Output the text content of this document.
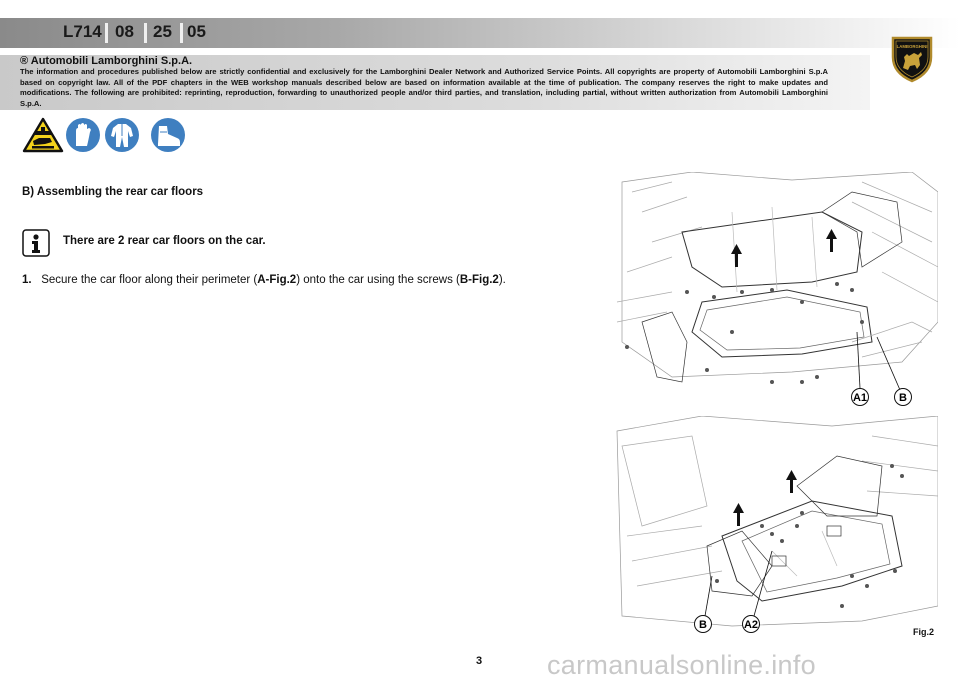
L714 08 25 05
LAMBORGHINI
® Automobili Lamborghini S.p.A.
The information and procedures published below are strictly confidential and exclusively for the Lamborghini Dealer Network and Authorized Service Points. All copyrights are property of Automobili Lamborghini S.p.A based on copyright law. All of the PDF chapters in the WEB workshop manuals described below are based on information available at the time of publication. The company reserves the right to make updates and modifications. The following are prohibited: reprinting, reproduction, forwarding to unauthorized people and/or third parties, and translation, including partial, without written authorization from Automobili Lamborghini S.p.A.
B) Assembling the rear car floors
There are 2 rear car floors on the car.
1. Secure the car floor along their perimeter (A-Fig.2) onto the car using the screws (B-Fig.2).
A1	B
B	A2
Fig.2
3 carmanualsonline.info
